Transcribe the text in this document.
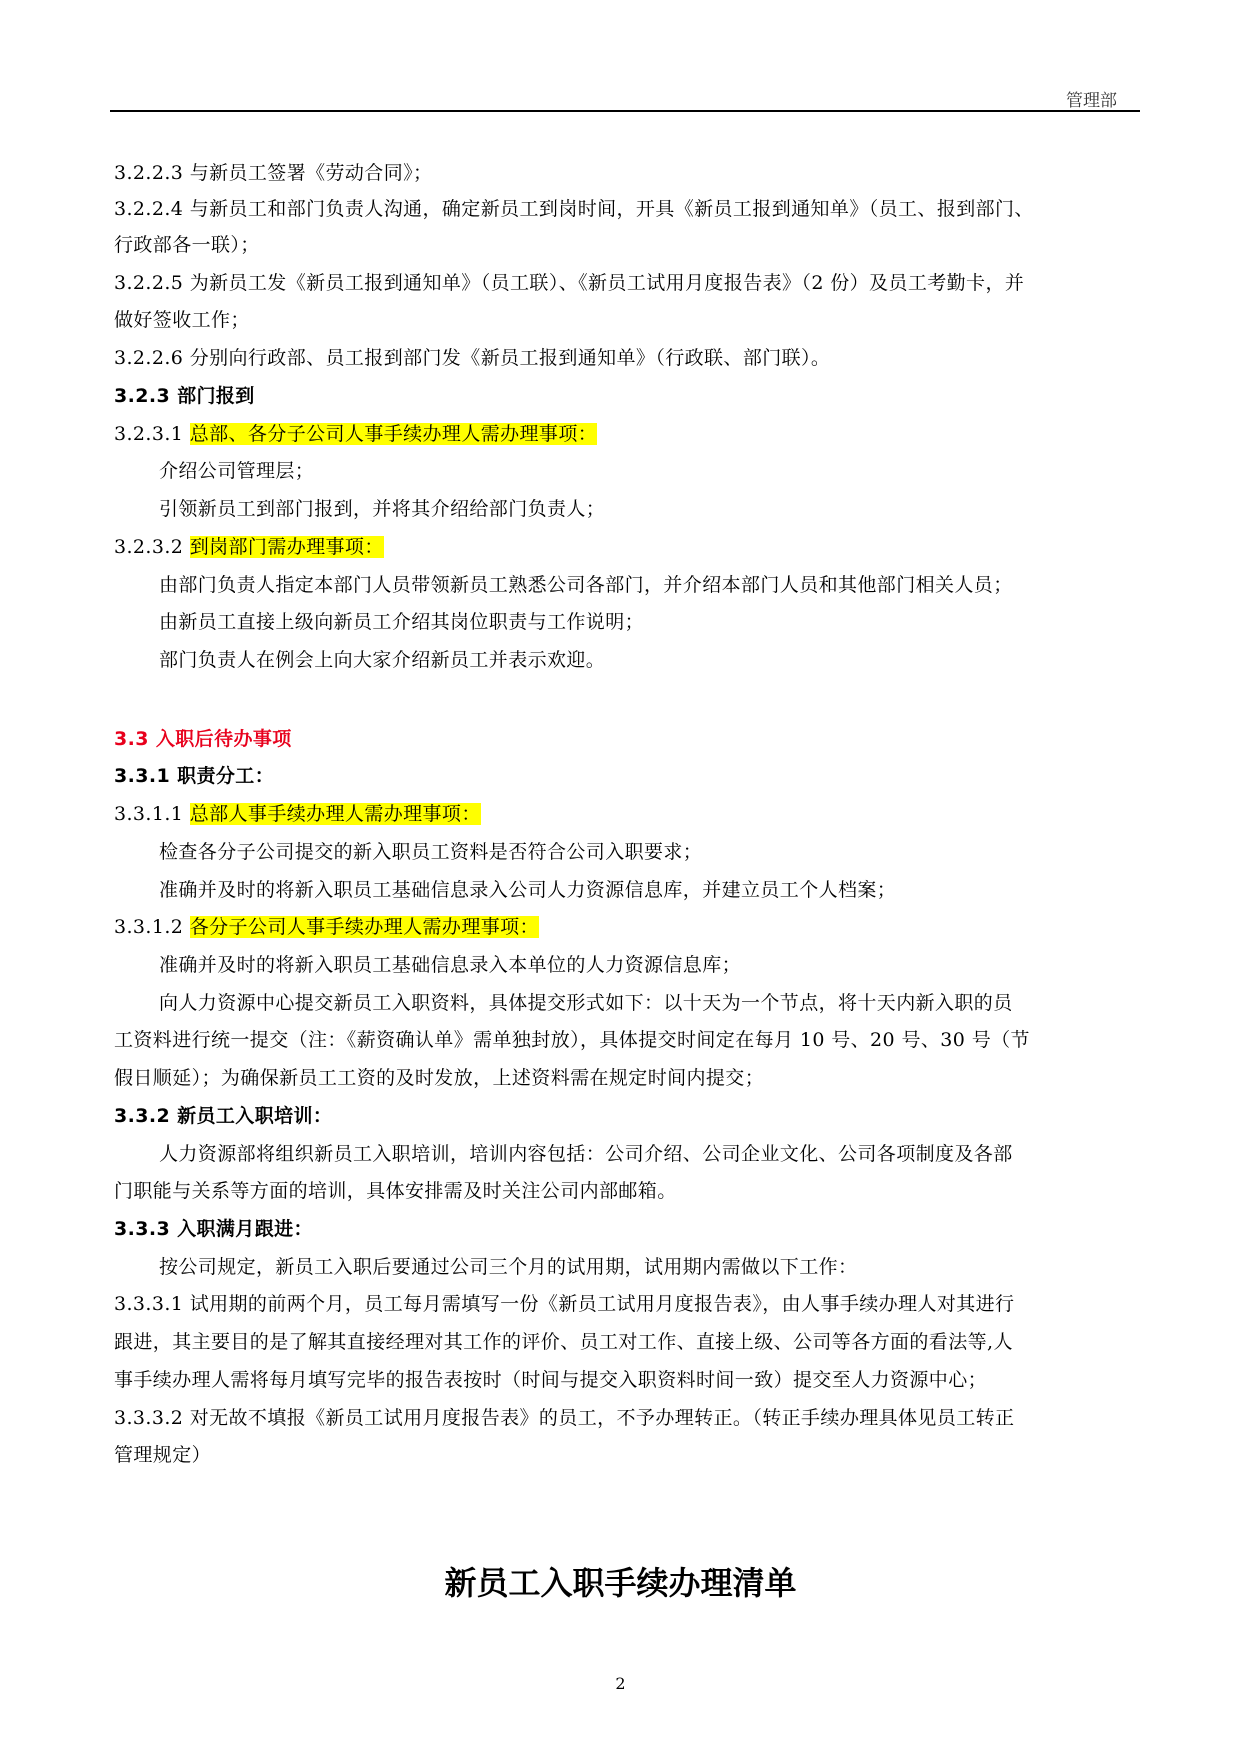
管理部
3.2.2.3 与新员工签署《劳动合同》；
3.2.2.4 与新员工和部门负责人沟通，确定新员工到岗时间，开具《新员工报到通知单》（员工、报到部门、
行政部各一联）；
3.2.2.5 为新员工发《新员工报到通知单》（员工联）、《新员工试用月度报告表》（2 份）及员工考勤卡，并
做好签收工作；
3.2.2.6 分别向行政部、员工报到部门发《新员工报到通知单》（行政联、部门联）。
3.2.3 部门报到
3.2.3.1 总部、各分子公司人事手续办理人需办理事项：
介绍公司管理层；
引领新员工到部门报到，并将其介绍给部门负责人；
3.2.3.2 到岗部门需办理事项：
由部门负责人指定本部门人员带领新员工熟悉公司各部门，并介绍本部门人员和其他部门相关人员；
由新员工直接上级向新员工介绍其岗位职责与工作说明；
部门负责人在例会上向大家介绍新员工并表示欢迎。
3.3 入职后待办事项
3.3.1 职责分工：
3.3.1.1 总部人事手续办理人需办理事项：
检查各分子公司提交的新入职员工资料是否符合公司入职要求；
准确并及时的将新入职员工基础信息录入公司人力资源信息库，并建立员工个人档案；
3.3.1.2 各分子公司人事手续办理人需办理事项：
准确并及时的将新入职员工基础信息录入本单位的人力资源信息库；
向人力资源中心提交新员工入职资料，具体提交形式如下：以十天为一个节点，将十天内新入职的员
工资料进行统一提交（注：《薪资确认单》需单独封放），具体提交时间定在每月 10 号、20 号、30 号（节
假日顺延）；为确保新员工工资的及时发放，上述资料需在规定时间内提交；
3.3.2 新员工入职培训：
人力资源部将组织新员工入职培训，培训内容包括：公司介绍、公司企业文化、公司各项制度及各部
门职能与关系等方面的培训，具体安排需及时关注公司内部邮箱。
3.3.3 入职满月跟进：
按公司规定，新员工入职后要通过公司三个月的试用期，试用期内需做以下工作：
3.3.3.1 试用期的前两个月，员工每月需填写一份《新员工试用月度报告表》，由人事手续办理人对其进行
跟进，其主要目的是了解其直接经理对其工作的评价、员工对工作、直接上级、公司等各方面的看法等,人
事手续办理人需将每月填写完毕的报告表按时（时间与提交入职资料时间一致）提交至人力资源中心；
3.3.3.2 对无故不填报《新员工试用月度报告表》的员工，不予办理转正。（转正手续办理具体见员工转正
管理规定）
新员工入职手续办理清单
2
